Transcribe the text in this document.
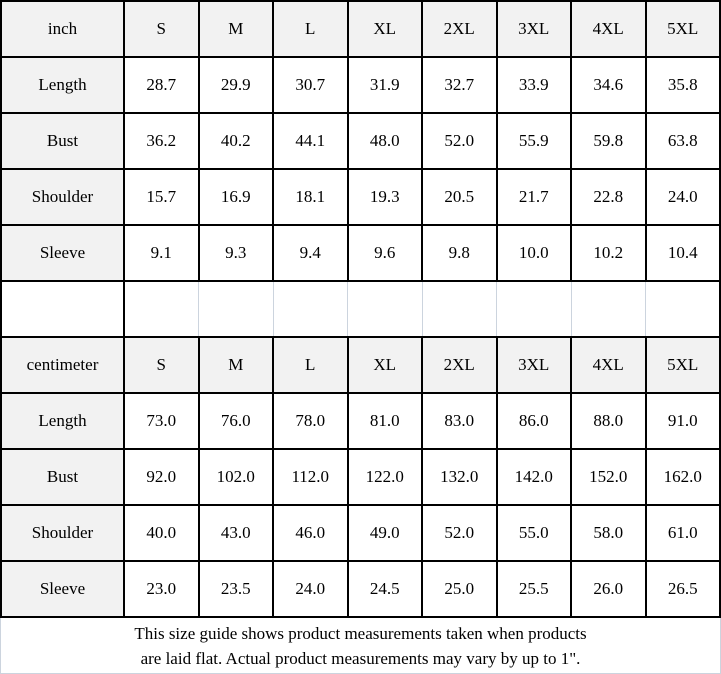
inch	S	M	L	XL	2XL	3XL	4XL	5XL
Length	28.7	29.9	30.7	31.9	32.7	33.9	34.6	35.8
Bust	36.2	40.2	44.1	48.0	52.0	55.9	59.8	63.8
Shoulder	15.7	16.9	18.1	19.3	20.5	21.7	22.8	24.0
Sleeve	9.1	9.3	9.4	9.6	9.8	10.0	10.2	10.4

centimeter	S	M	L	XL	2XL	3XL	4XL	5XL
Length	73.0	76.0	78.0	81.0	83.0	86.0	88.0	91.0
Bust	92.0	102.0	112.0	122.0	132.0	142.0	152.0	162.0
Shoulder	40.0	43.0	46.0	49.0	52.0	55.0	58.0	61.0
Sleeve	23.0	23.5	24.0	24.5	25.0	25.5	26.0	26.5
This size guide shows product measurements taken when products
are laid flat. Actual product measurements may vary by up to 1".
